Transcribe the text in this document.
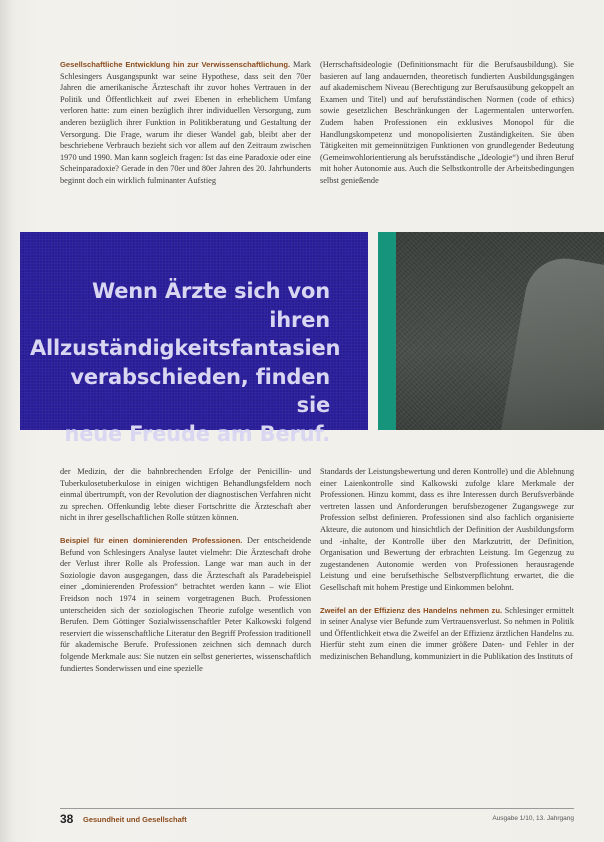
Gesellschaftliche Entwicklung hin zur Verwissenschaftlichung. Mark Schlesingers Ausgangspunkt war seine Hypothese, dass seit den 70er Jahren die amerikanische Ärzteschaft ihr zuvor hohes Vertrauen in der Politik und Öffentlichkeit auf zwei Ebenen in erheblichem Umfang verloren hatte: zum einen bezüglich ihrer individuellen Versorgung, zum anderen bezüglich ihrer Funktion in Politikberatung und Gestaltung der Versorgung. Die Frage, warum ihr dieser Wandel gab, bleibt aber der beschriebene Verbrauch bezieht sich vor allem auf den Zeitraum zwischen 1970 und 1990. Man kann sogleich fragen: Ist das eine Paradoxie oder eine Scheinparadoxie? Gerade in den 70er und 80er Jahren des 20. Jahrhunderts beginnt doch ein wirklich fulminanter Aufstieg

(Herrschaftsideologie (Definitionsmacht für die Berufsausbildung). Sie basieren auf lang andauernden, theoretisch fundierten Ausbildungsgängen auf akademischem Niveau (Berechtigung zur Berufsausübung gekoppelt an Examen und Titel) und auf berufsständischen Normen (code of ethics) sowie gesetzlichen Beschränkungen der Lagermentalen unterworfen. Zudem haben Professionen ein exklusives Monopol für die Handlungskompetenz und monopolisierten Zuständigkeiten. Sie üben Tätigkeiten mit gemeinnützigen Funktionen von grundlegender Bedeutung (Gemeinwohlorientierung als berufsständische „Ideologie“) und ihren Beruf mit hoher Autonomie aus. Auch die Selbstkontrolle der Arbeitsbedingungen selbst genießende

Wenn Ärzte sich von ihren
Allzuständigkeitsfantasien
verabschieden, finden sie
neue Freude am Beruf.

der Medizin, der die bahnbrechenden Erfolge der Penicillin- und Tuberkulosetuberkulose in einigen wichtigen Behandlungsfeldern noch einmal übertrumpft, von der Revolution der diagnostischen Verfahren nicht zu sprechen. Offenkundig lebte dieser Fortschritte die Ärzteschaft aber nicht in ihrer gesellschaftlichen Rolle stützen können.

Beispiel für einen dominierenden Professionen. Der entscheidende Befund von Schlesingers Analyse lautet vielmehr: Die Ärzteschaft drohe der Verlust ihrer Rolle als Profession. Lange war man auch in der Soziologie davon ausgegangen, dass die Ärzteschaft als Paradebeispiel einer „dominierenden Profession“ betrachtet werden kann – wie Eliot Freidson noch 1974 in seinem vorgetragenen Buch. Professionen unterscheiden sich der soziologischen Theorie zufolge wesentlich von Berufen. Dem Göttinger Sozialwissenschaftler Peter Kalkowski folgend reserviert die wissenschaftliche Literatur den Begriff Profession traditionell für akademische Berufe. Professionen zeichnen sich demnach durch folgende Merkmale aus: Sie nutzen ein selbst generiertes, wissenschaftlich fundiertes Sonderwissen und eine spezielle

Standards der Leistungsbewertung und deren Kontrolle) und die Ablehnung einer Laienkontrolle sind Kalkowski zufolge klare Merkmale der Professionen. Hinzu kommt, dass es ihre Interessen durch Berufsverbände vertreten lassen und Anforderungen berufsbezogener Zugangswege zur Profession selbst definieren. Professionen sind also fachlich organisierte Akteure, die autonom und hinsichtlich der Definition der Ausbildungsform und -inhalte, der Kontrolle über den Markzutritt, der Definition, Organisation und Bewertung der erbrachten Leistung. Im Gegenzug zu zugestandenen Autonomie werden von Professionen herausragende Leistung und eine berufsethische Selbstverpflichtung erwartet, die die Gesellschaft mit hohem Prestige und Einkommen belohnt.

Zweifel an der Effizienz des Handelns nehmen zu. Schlesinger ermittelt in seiner Analyse vier Befunde zum Vertrauensverlust. So nehmen in Politik und Öffentlichkeit etwa die Zweifel an der Effizienz ärztlichen Handelns zu. Hierfür steht zum einen die immer größere Daten- und Fehler in der medizinischen Behandlung, kommuniziert in die Publikation des Instituts of

38 Gesundheit und Gesellschaft	Ausgabe 1/10, 13. Jahrgang
